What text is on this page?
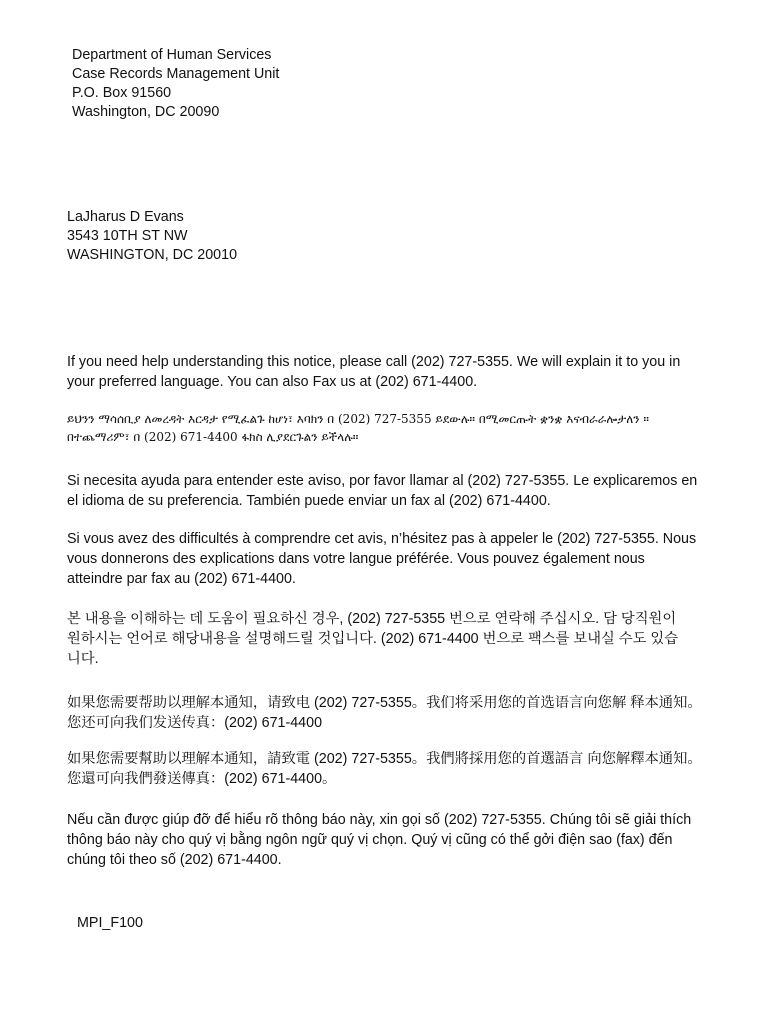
Department of Human Services
Case Records Management Unit
P.O. Box 91560
Washington, DC 20090
LaJharus D Evans
3543 10TH ST NW
WASHINGTON, DC 20010
If you need help understanding this notice, please call (202) 727-5355. We will explain it to you in
your preferred language. You can also Fax us at (202) 671-4400.
ይህንን ማሳሰቢያ ለመረዳት እርዳታ የሚፈልጉ ከሆነ፣ እባክን በ (202) 727-5355 ይደውሉ። በሚመርጡት ቋንቋ እናብራራሎታለን ።
በተጨማሪም፣ በ (202) 671-4400 ፋክስ ሊያደርጉልን ይችላሉ።
Si necesita ayuda para entender este aviso, por favor llamar al (202) 727-5355. Le explicaremos en
el idioma de su preferencia. También puede enviar un fax al (202) 671-4400.
Si vous avez des difficultés à comprendre cet avis, n’hésitez pas à appeler le (202) 727-5355. Nous
vous donnerons des explications dans votre langue préférée. Vous pouvez également nous
atteindre par fax au (202) 671-4400.
본 내용을 이해하는 데 도움이 필요하신 경우, (202) 727-5355 번으로 연락해 주십시오. 담 당직원이
원하시는 언어로 해당내용을 설명해드릴 것입니다. (202) 671-4400 번으로 팩스를 보내실 수도 있습
니다.
如果您需要帮助以理解本通知，请致电 (202) 727-5355。我们将采用您的首选语言向您解 释本通知。
您还可向我们发送传真：(202) 671-4400
如果您需要幫助以理解本通知，請致電 (202) 727-5355。我們將採用您的首選語言 向您解釋本通知。
您還可向我們發送傳真：(202) 671-4400。
Nếu cần được giúp đỡ để hiểu rõ thông báo này, xin gọi số (202) 727-5355. Chúng tôi sẽ giải thích
thông báo này cho quý vị bằng ngôn ngữ quý vị chọn. Quý vị cũng có thể gởi điện sao (fax) đến
chúng tôi theo số (202) 671-4400.
MPI_F100
